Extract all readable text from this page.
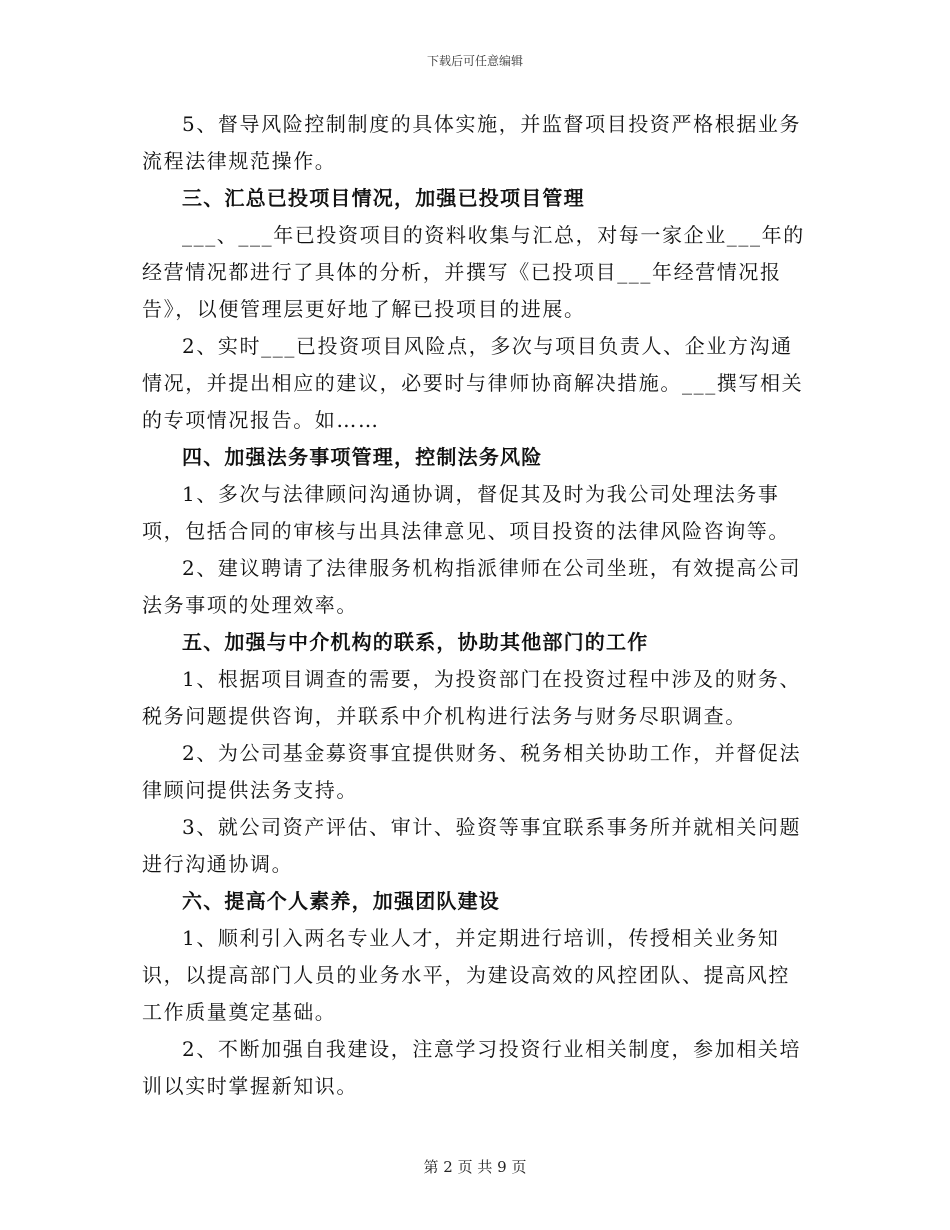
下载后可任意编辑

5、督导风险控制制度的具体实施，并监督项目投资严格根据业务流程法律规范操作。

三、汇总已投项目情况，加强已投项目管理

___、___年已投资项目的资料收集与汇总，对每一家企业___年的经营情况都进行了具体的分析，并撰写《已投项目___年经营情况报告》，以便管理层更好地了解已投项目的进展。

2、实时___已投资项目风险点，多次与项目负责人、企业方沟通情况，并提出相应的建议，必要时与律师协商解决措施。___撰写相关的专项情况报告。如……

四、加强法务事项管理，控制法务风险

1、多次与法律顾问沟通协调，督促其及时为我公司处理法务事项，包括合同的审核与出具法律意见、项目投资的法律风险咨询等。

2、建议聘请了法律服务机构指派律师在公司坐班，有效提高公司法务事项的处理效率。

五、加强与中介机构的联系，协助其他部门的工作

1、根据项目调查的需要，为投资部门在投资过程中涉及的财务、税务问题提供咨询，并联系中介机构进行法务与财务尽职调查。

2、为公司基金募资事宜提供财务、税务相关协助工作，并督促法律顾问提供法务支持。

3、就公司资产评估、审计、验资等事宜联系事务所并就相关问题进行沟通协调。

六、提高个人素养，加强团队建设

1、顺利引入两名专业人才，并定期进行培训，传授相关业务知识，以提高部门人员的业务水平，为建设高效的风控团队、提高风控工作质量奠定基础。

2、不断加强自我建设，注意学习投资行业相关制度，参加相关培训以实时掌握新知识。

第 2 页 共 9 页
